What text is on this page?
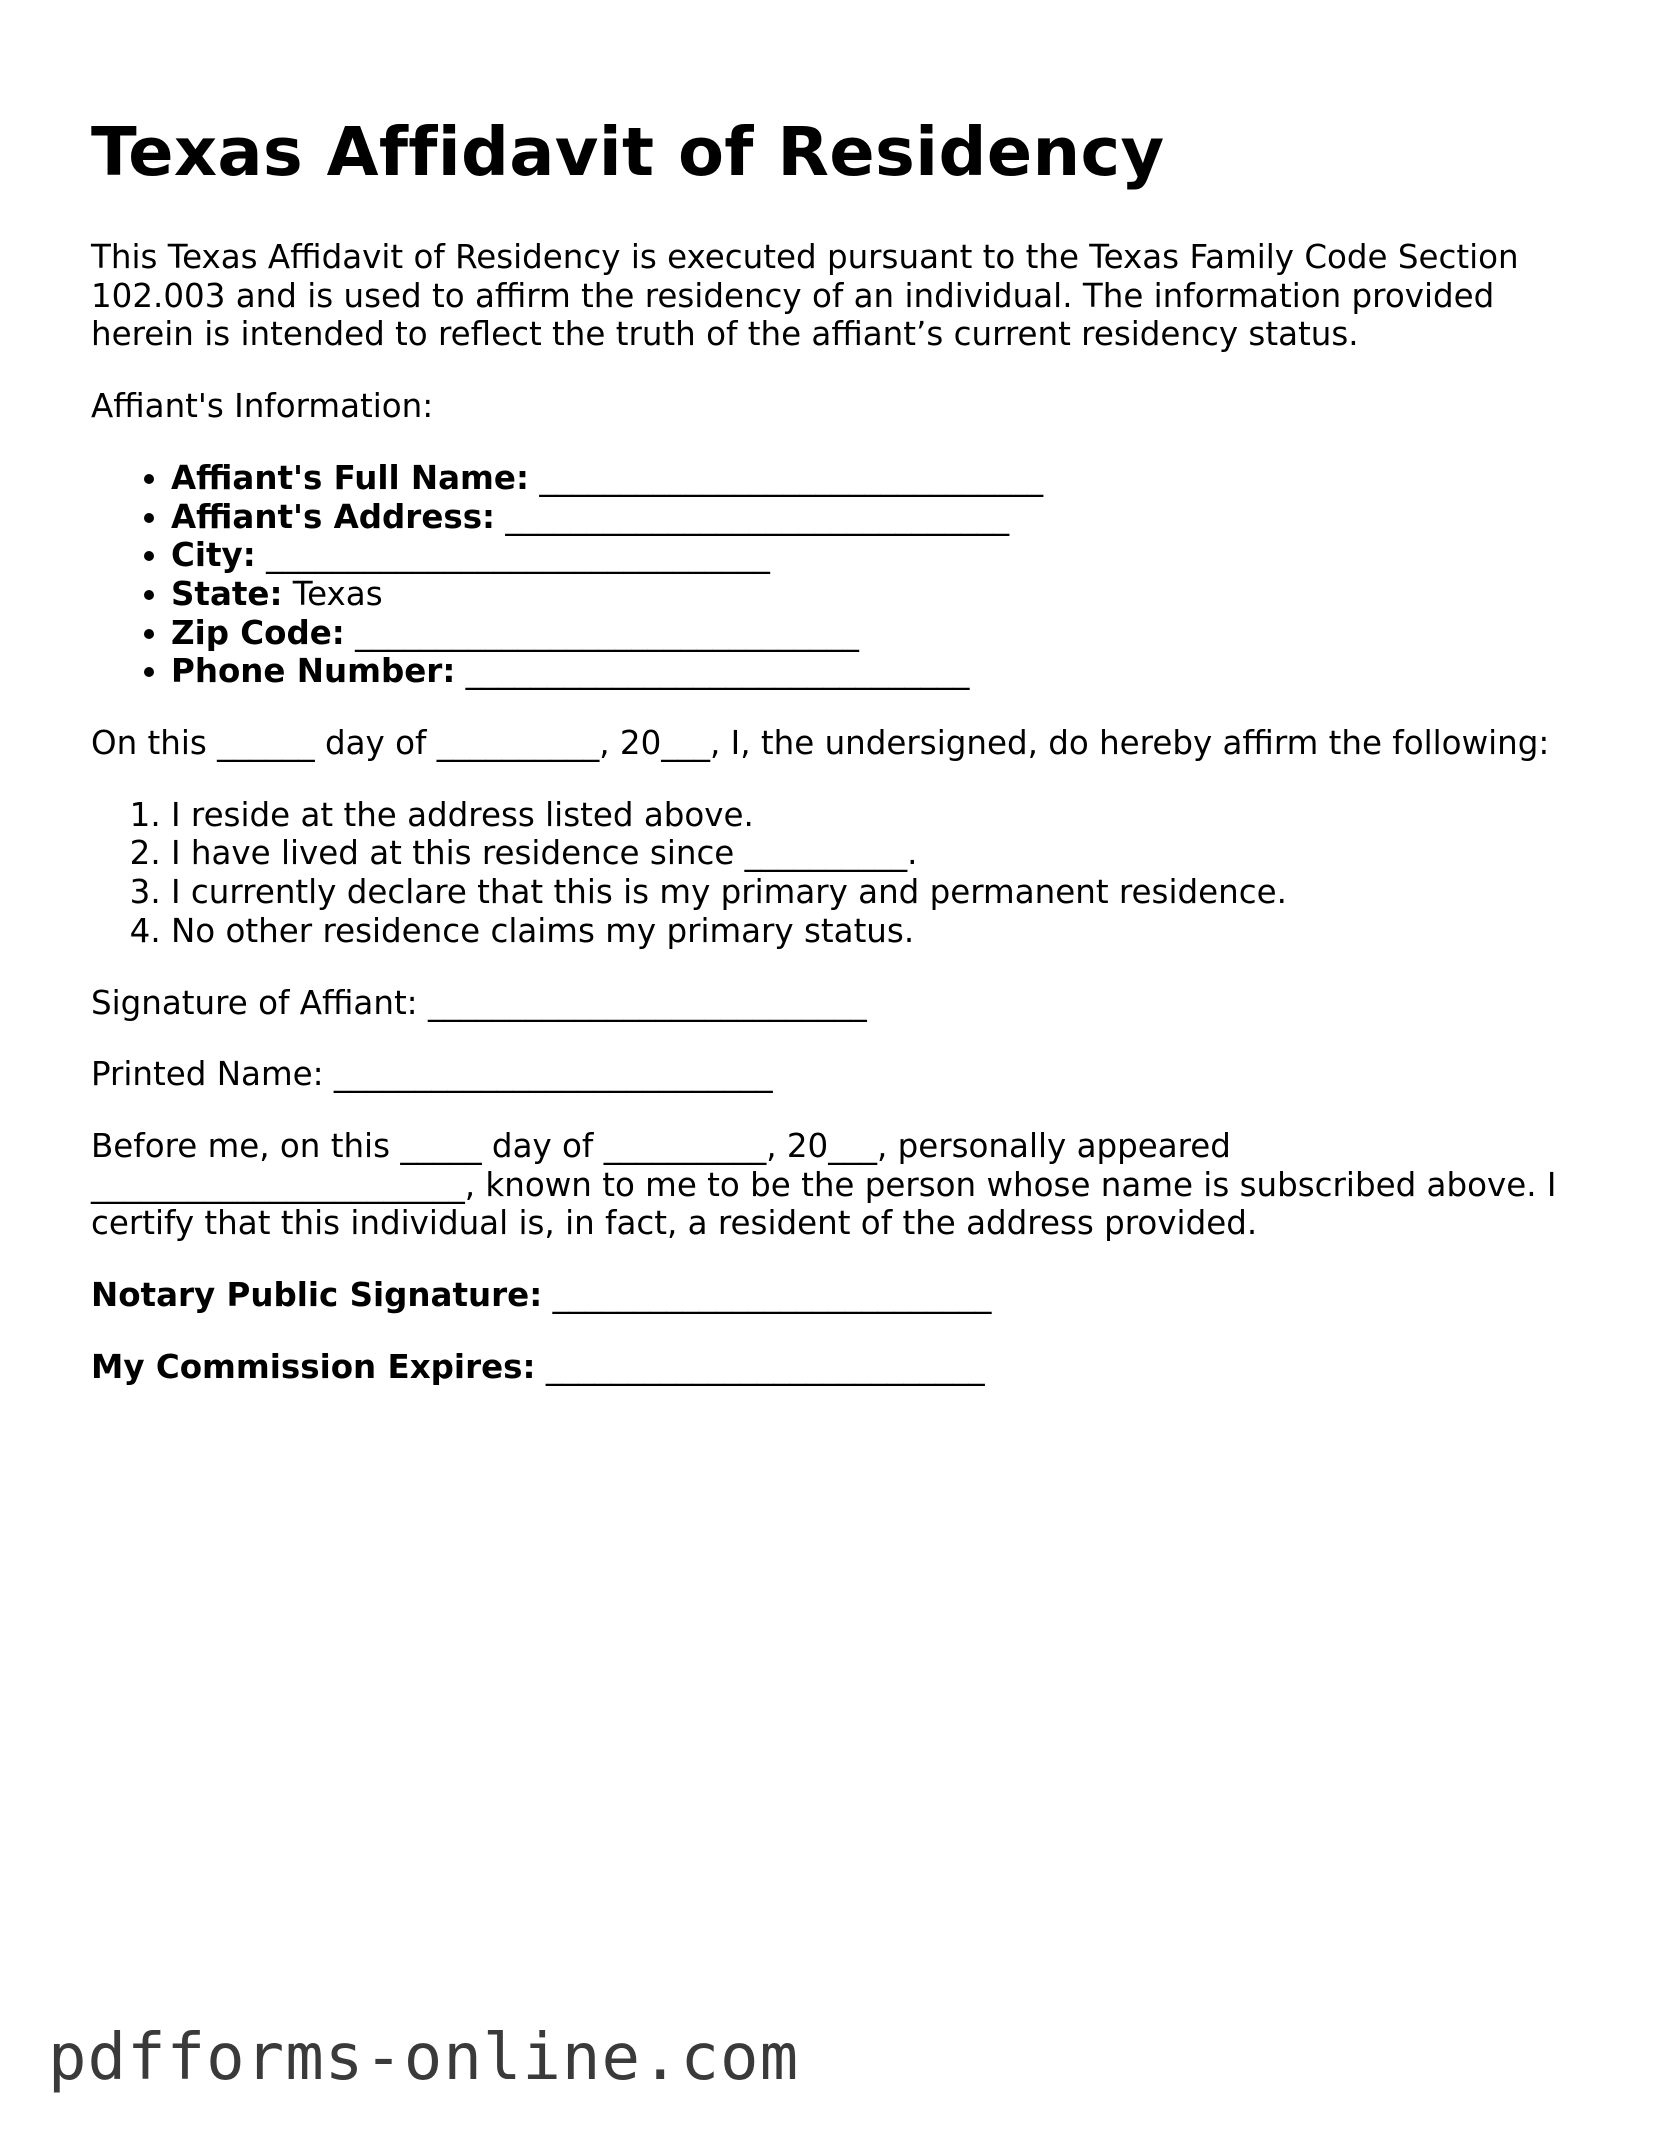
Texas Affidavit of Residency

This Texas Affidavit of Residency is executed pursuant to the Texas Family Code Section 102.003 and is used to affirm the residency of an individual. The information provided herein is intended to reflect the truth of the affiant’s current residency status.

Affiant's Information:

• Affiant's Full Name: _______________________________
• Affiant's Address: _______________________________
• City: _______________________________
• State: Texas
• Zip Code: _______________________________
• Phone Number: _______________________________

On this ______ day of __________, 20___, I, the undersigned, do hereby affirm the following:

1. I reside at the address listed above.
2. I have lived at this residence since __________.
3. I currently declare that this is my primary and permanent residence.
4. No other residence claims my primary status.

Signature of Affiant: ___________________________

Printed Name: ___________________________

Before me, on this _____ day of __________, 20___, personally appeared _______________________, known to me to be the person whose name is subscribed above. I certify that this individual is, in fact, a resident of the address provided.

Notary Public Signature: ___________________________

My Commission Expires: ___________________________

pdfforms-online.com
